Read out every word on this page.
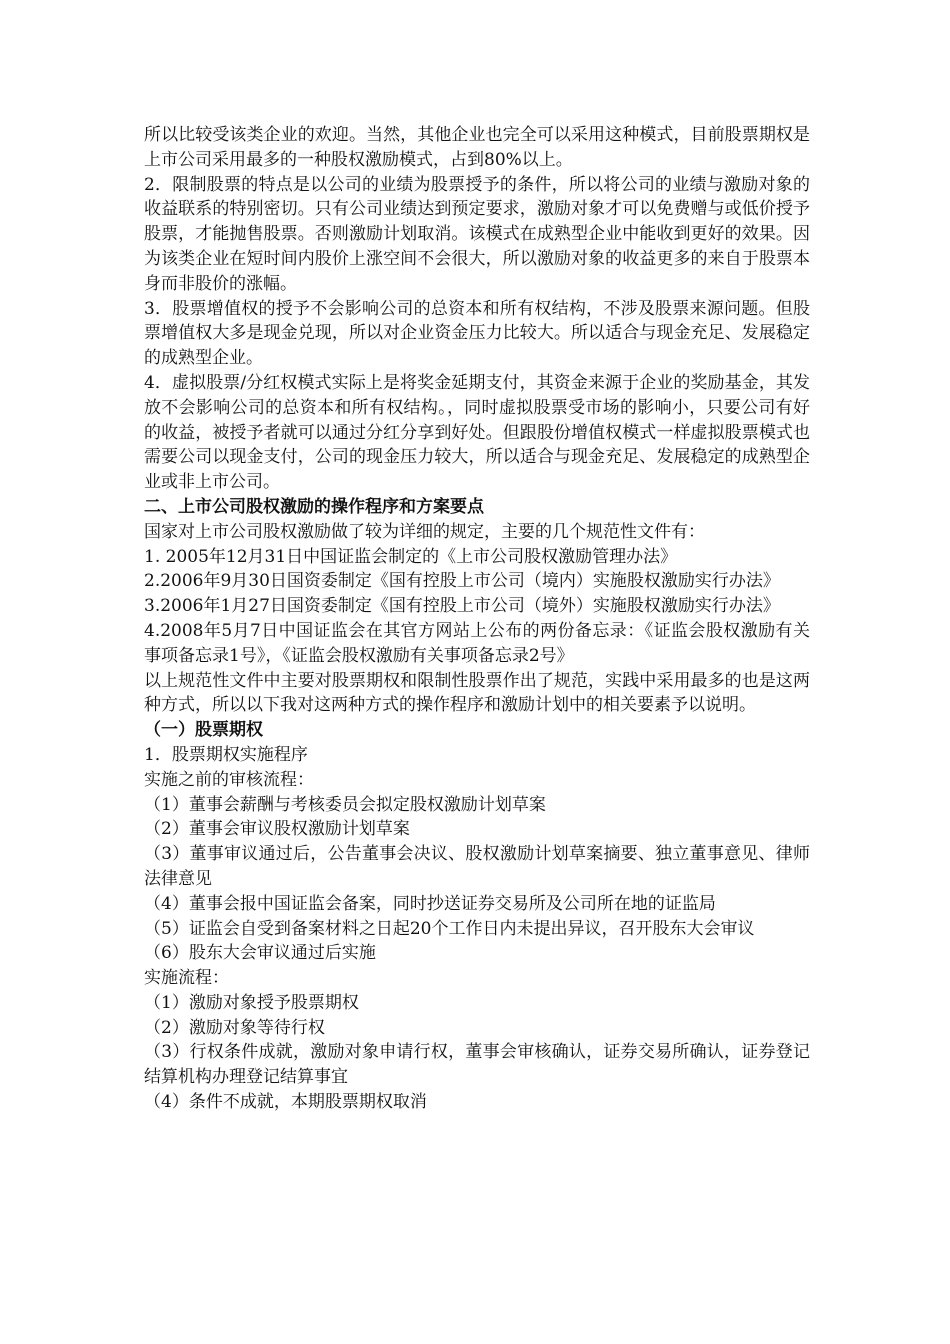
所以比较受该类企业的欢迎。当然，其他企业也完全可以采用这种模式，目前股票期权是上市公司采用最多的一种股权激励模式，占到80%以上。

2．限制股票的特点是以公司的业绩为股票授予的条件，所以将公司的业绩与激励对象的收益联系的特别密切。只有公司业绩达到预定要求，激励对象才可以免费赠与或低价授予股票，才能抛售股票。否则激励计划取消。该模式在成熟型企业中能收到更好的效果。因为该类企业在短时间内股价上涨空间不会很大，所以激励对象的收益更多的来自于股票本身而非股价的涨幅。

3．股票增值权的授予不会影响公司的总资本和所有权结构，不涉及股票来源问题。但股票增值权大多是现金兑现，所以对企业资金压力比较大。所以适合与现金充足、发展稳定的成熟型企业。

4．虚拟股票/分红权模式实际上是将奖金延期支付，其资金来源于企业的奖励基金，其发放不会影响公司的总资本和所有权结构。，同时虚拟股票受市场的影响小，只要公司有好的收益，被授予者就可以通过分红分享到好处。但跟股份增值权模式一样虚拟股票模式也需要公司以现金支付，公司的现金压力较大，所以适合与现金充足、发展稳定的成熟型企业或非上市公司。

二、上市公司股权激励的操作程序和方案要点

国家对上市公司股权激励做了较为详细的规定，主要的几个规范性文件有：

1. 2005年12月31日中国证监会制定的《上市公司股权激励管理办法》

2.2006年9月30日国资委制定《国有控股上市公司（境内）实施股权激励实行办法》

3.2006年1月27日国资委制定《国有控股上市公司（境外）实施股权激励实行办法》

4.2008年5月7日中国证监会在其官方网站上公布的两份备忘录：《证监会股权激励有关事项备忘录1号》，《证监会股权激励有关事项备忘录2号》

以上规范性文件中主要对股票期权和限制性股票作出了规范，实践中采用最多的也是这两种方式，所以以下我对这两种方式的操作程序和激励计划中的相关要素予以说明。

（一）股票期权

1．股票期权实施程序

实施之前的审核流程：

（1）董事会薪酬与考核委员会拟定股权激励计划草案

（2）董事会审议股权激励计划草案

（3）董事审议通过后，公告董事会决议、股权激励计划草案摘要、独立董事意见、律师法律意见

（4）董事会报中国证监会备案，同时抄送证券交易所及公司所在地的证监局

（5）证监会自受到备案材料之日起20个工作日内未提出异议，召开股东大会审议

（6）股东大会审议通过后实施

实施流程：

（1）激励对象授予股票期权

（2）激励对象等待行权

（3）行权条件成就，激励对象申请行权，董事会审核确认，证券交易所确认，证券登记结算机构办理登记结算事宜

（4）条件不成就，本期股票期权取消
